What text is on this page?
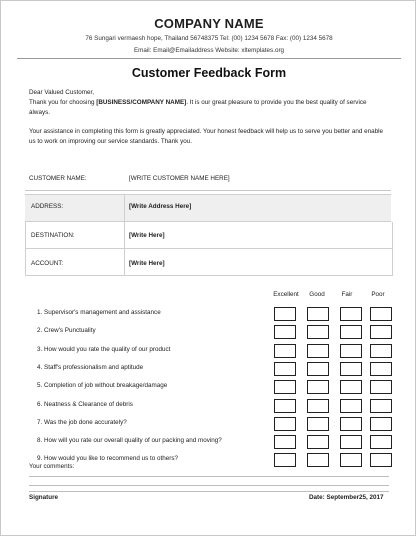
COMPANY NAME
76 Sungari vermaesh hope, Thailand 56748375 Tel: (00) 1234 5678 Fax: (00) 1234 5678
Email: Email@Emailaddress Website: xltemplates.org
Customer Feedback Form
Dear Valued Customer,
Thank you for choosing [BUSINESS/COMPANY NAME]. It is our great pleasure to provide you the best quality of service always.
Your assistance in completing this form is greatly appreciated. Your honest feedback will help us to serve you better and enable us to work on improving our service standards. Thank you.
CUSTOMER NAME:	[WRITE CUSTOMER NAME HERE]
ADDRESS:	[Write Address Here]
DESTINATION:	[Write Here]
ACCOUNT:	[Write Here]
Excellent	Good	Fair	Poor
1. Supervisor's management and assistance
2. Crew's Punctuality
3. How would you rate the quality of our product
4. Staff's professionalism and aptitude
5. Completion of job without breakage/damage
6. Neatness & Clearance of debris
7. Was the job done accurately?
8. How will you rate our overall quality of our packing and moving?
9. How would you like to recommend us to others?
Your comments:
Signature	Date: September25, 2017
